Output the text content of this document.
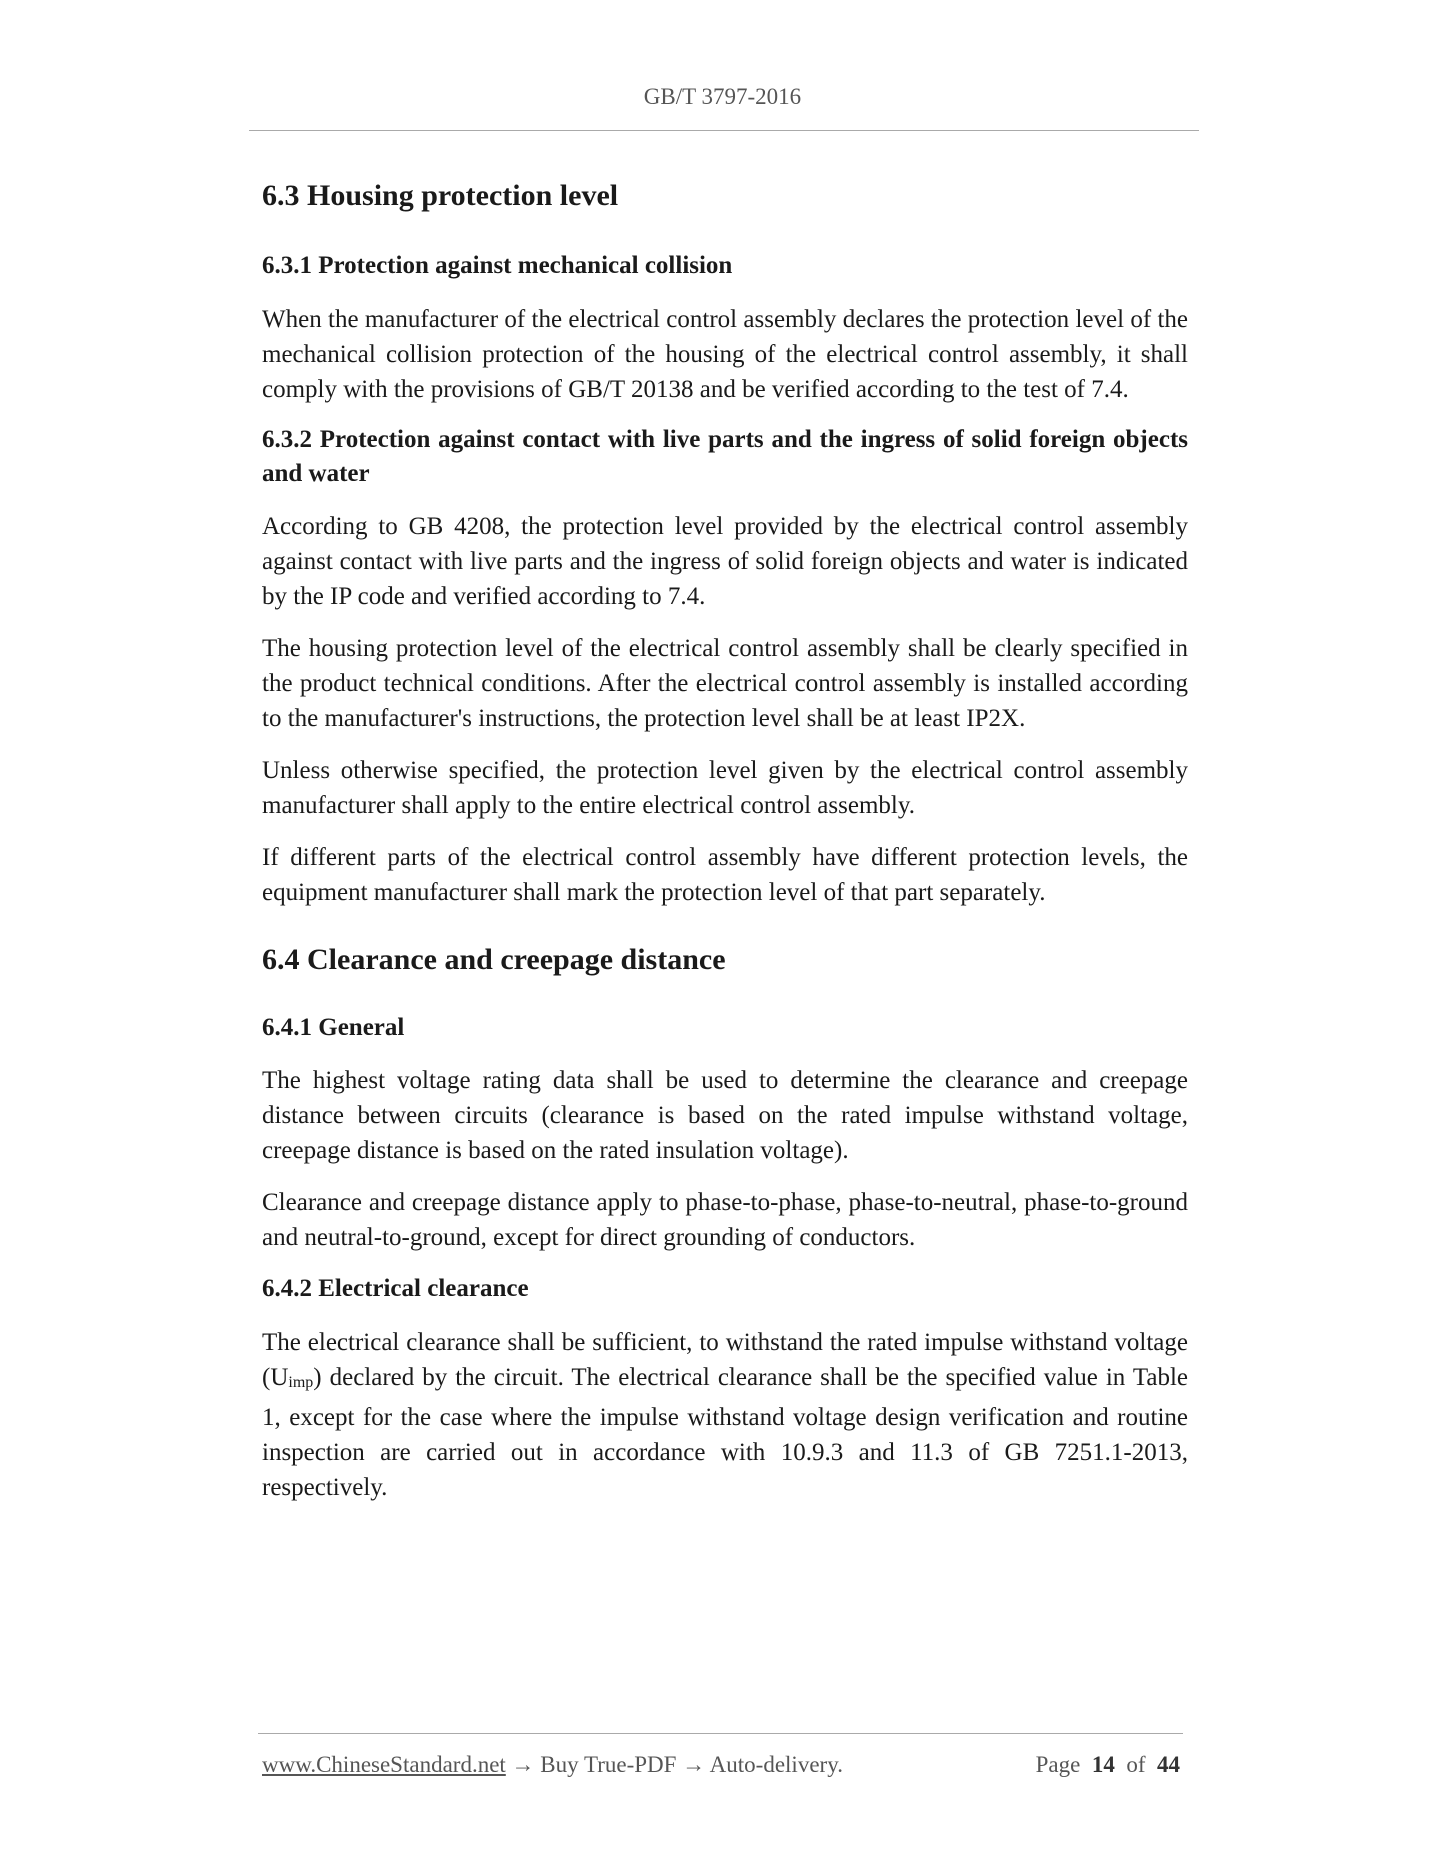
GB/T 3797-2016
6.3 Housing protection level
6.3.1 Protection against mechanical collision

When the manufacturer of the electrical control assembly declares the protection level of the mechanical collision protection of the housing of the electrical control assembly, it shall comply with the provisions of GB/T 20138 and be verified according to the test of 7.4.

6.3.2 Protection against contact with live parts and the ingress of solid foreign objects and water

According to GB 4208, the protection level provided by the electrical control assembly against contact with live parts and the ingress of solid foreign objects and water is indicated by the IP code and verified according to 7.4.

The housing protection level of the electrical control assembly shall be clearly specified in the product technical conditions. After the electrical control assembly is installed according to the manufacturer's instructions, the protection level shall be at least IP2X.

Unless otherwise specified, the protection level given by the electrical control assembly manufacturer shall apply to the entire electrical control assembly.

If different parts of the electrical control assembly have different protection levels, the equipment manufacturer shall mark the protection level of that part separately.

6.4 Clearance and creepage distance
6.4.1 General

The highest voltage rating data shall be used to determine the clearance and creepage distance between circuits (clearance is based on the rated impulse withstand voltage, creepage distance is based on the rated insulation voltage).

Clearance and creepage distance apply to phase-to-phase, phase-to-neutral, phase-to-ground and neutral-to-ground, except for direct grounding of conductors.

6.4.2 Electrical clearance

The electrical clearance shall be sufficient, to withstand the rated impulse withstand voltage $(U_{imp})$ declared by the circuit. The electrical clearance shall be the specified value in Table 1, except for the case where the impulse withstand voltage design verification and routine inspection are carried out in accordance with 10.9.3 and 11.3 of GB 7251.1-2013, respectively.

www.ChineseStandard.net → Buy True-PDF → Auto-delivery.	Page 14 of 44
